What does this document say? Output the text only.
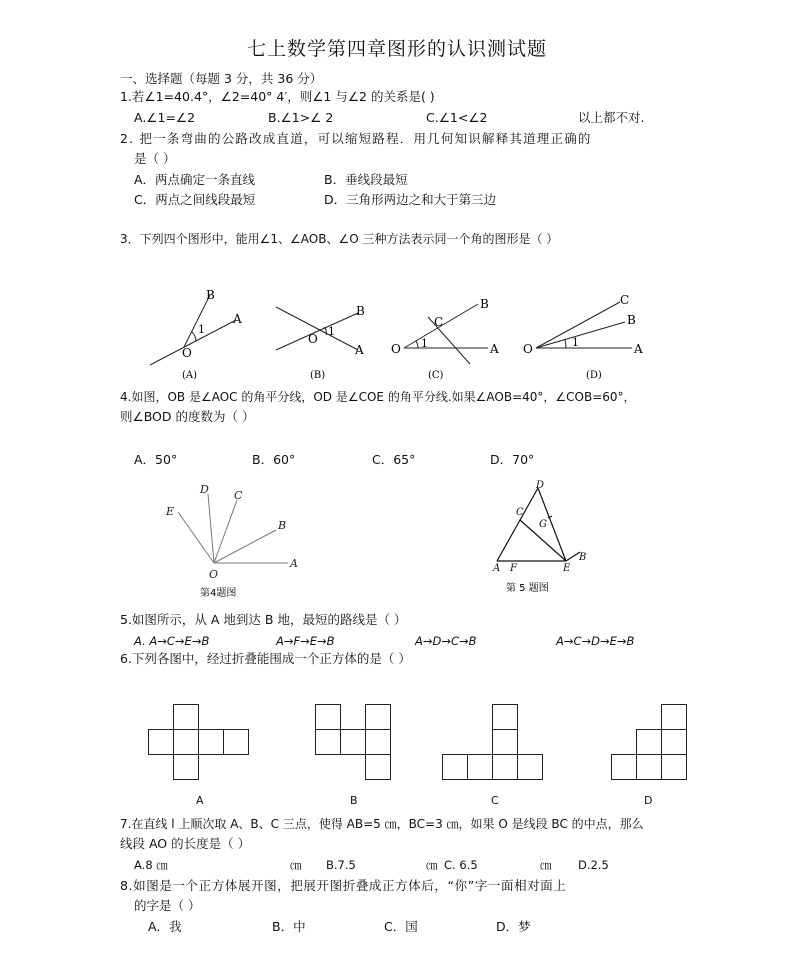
七上数学第四章图形的认识测试题
一、选择题（每题 3 分，共 36 分）
1.若∠1=40.4°，∠2=40° 4′，则∠1 与∠2 的关系是( )
A.∠1=∠2	B.∠1>∠ 2	C.∠1<∠2	以上都不对.
2. 把一条弯曲的公路改成直道，可以缩短路程．用几何知识解释其道理正确的
是（ ）
A．两点确定一条直线	B．垂线段最短
C．两点之间线段最短	D．三角形两边之和大于第三边
3．下列四个图形中，能用∠1、∠AOB、∠O 三种方法表示同一个角的图形是（ ）
B
A
1
O
(A)
B
1
O
A
(B)
B
C
O 1	A
(C)
C
B
O	1	A
(D)
4.如图，OB 是∠AOC 的角平分线，OD 是∠COE 的角平分线.如果∠AOB=40°，∠COB=60°，
则∠BOD 的度数为（ ）
A．50°	B．60°	C．65°	D．70°
D C
E
B
A
O
第4题图
D
C
G
B
A F	E
第 5 题图
5.如图所示，从 A 地到达 B 地，最短的路线是（ ）
A. A→C→E→B	A→F→E→B	A→D→C→B	A→C→D→E→B
6.下列各图中，经过折叠能围成一个正方体的是（ ）
A	B	C	D
7.在直线 l 上顺次取 A、B、C 三点，使得 AB=5 ㎝，BC=3 ㎝，如果 O 是线段 BC 的中点，那么
线段 AO 的长度是（ ）
A.8 ㎝	㎝ B.7.5	㎝ C. 6.5	㎝ D.2.5
8.如图是一个正方体展开图，把展开图折叠成正方体后，“你”字一面相对面上
的字是（ ）
A．我	B．中	C．国	D．梦
